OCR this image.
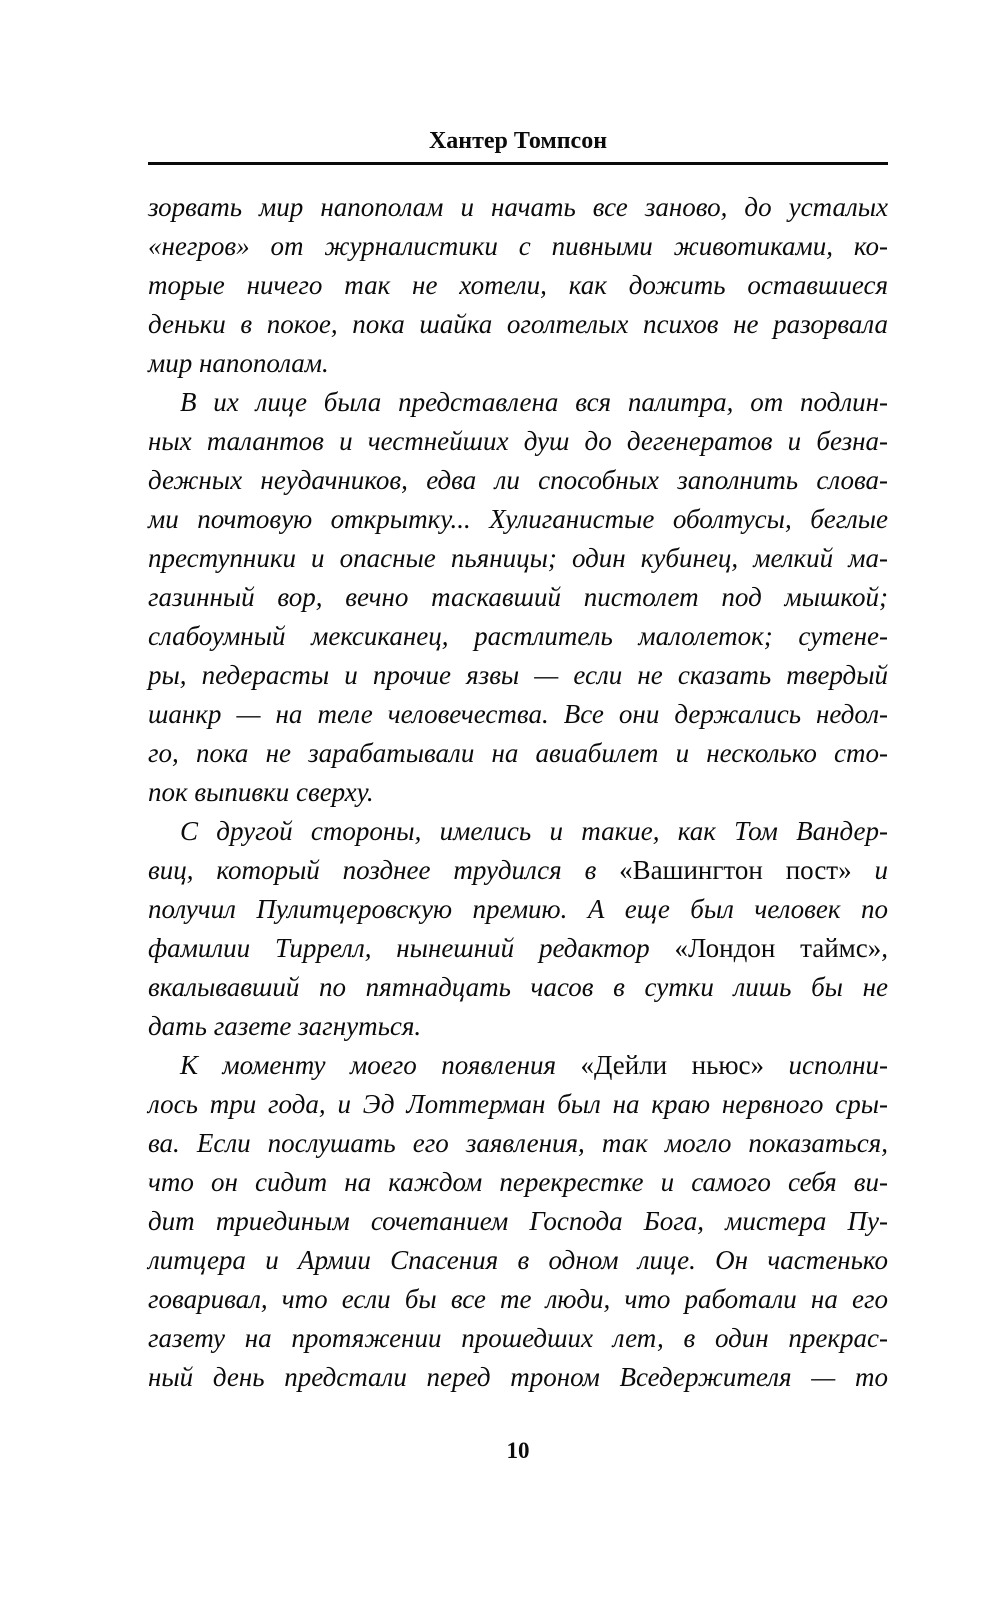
Хантер Томпсон
зорвать мир напополам и начать все заново, до усталых
«негров» от журналистики с пивными животиками, ко-
торые ничего так не хотели, как дожить оставшиеся
деньки в покое, пока шайка оголтелых психов не разорвала
мир напополам.
В их лице была представлена вся палитра, от подлин-
ных талантов и честнейших душ до дегенератов и безна-
дежных неудачников, едва ли способных заполнить слова-
ми почтовую открытку... Хулиганистые оболтусы, беглые
преступники и опасные пьяницы; один кубинец, мелкий ма-
газинный вор, вечно таскавший пистолет под мышкой;
слабоумный мексиканец, растлитель малолеток; сутене-
ры, педерасты и прочие язвы — если не сказать твердый
шанкр — на теле человечества. Все они держались недол-
го, пока не зарабатывали на авиабилет и несколько сто-
пок выпивки сверху.
С другой стороны, имелись и такие, как Том Вандер-
виц, который позднее трудился в «Вашингтон пост» и
получил Пулитцеровскую премию. А еще был человек по
фамилии Тиррелл, нынешний редактор «Лондон таймс»,
вкалывавший по пятнадцать часов в сутки лишь бы не
дать газете загнуться.
К моменту моего появления «Дейли ньюс» исполни-
лось три года, и Эд Лоттерман был на краю нервного сры-
ва. Если послушать его заявления, так могло показаться,
что он сидит на каждом перекрестке и самого себя ви-
дит триединым сочетанием Господа Бога, мистера Пу-
литцера и Армии Спасения в одном лице. Он частенько
говаривал, что если бы все те люди, что работали на его
газету на протяжении прошедших лет, в один прекрас-
ный день предстали перед троном Вседержителя — то
10
